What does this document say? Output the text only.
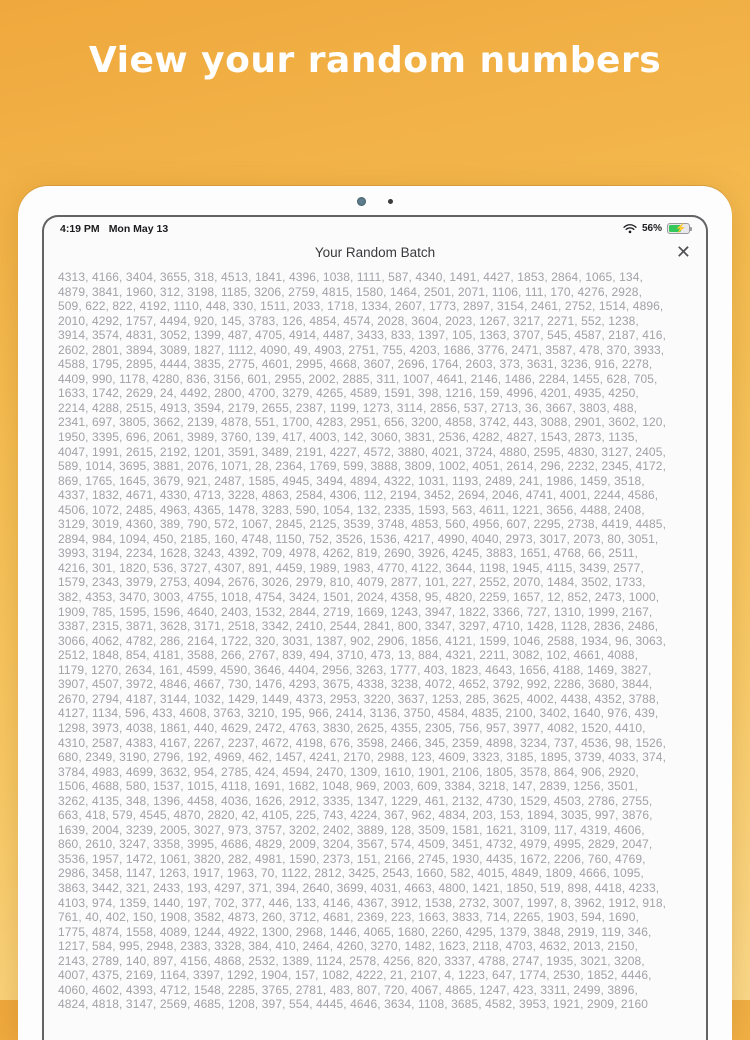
View your random numbers
4:19 PM Mon May 13	56% ⚡
Your Random Batch	✕
4313, 4166, 3404, 3655, 318, 4513, 1841, 4396, 1038, 1111, 587, 4340, 1491, 4427, 1853, 2864, 1065, 134,
4879, 3841, 1960, 312, 3198, 1185, 3206, 2759, 4815, 1580, 1464, 2501, 2071, 1106, 111, 170, 4276, 2928,
509, 622, 822, 4192, 1110, 448, 330, 1511, 2033, 1718, 1334, 2607, 1773, 2897, 3154, 2461, 2752, 1514, 4896,
2010, 4292, 1757, 4494, 920, 145, 3783, 126, 4854, 4574, 2028, 3604, 2023, 1267, 3217, 2271, 552, 1238,
3914, 3574, 4831, 3052, 1399, 487, 4705, 4914, 4487, 3433, 833, 1397, 105, 1363, 3707, 545, 4587, 2187, 416,
2602, 2801, 3894, 3089, 1827, 1112, 4090, 49, 4903, 2751, 755, 4203, 1686, 3776, 2471, 3587, 478, 370, 3933,
4588, 1795, 2895, 4444, 3835, 2775, 4601, 2995, 4668, 3607, 2696, 1764, 2603, 373, 3631, 3236, 916, 2278,
4409, 990, 1178, 4280, 836, 3156, 601, 2955, 2002, 2885, 311, 1007, 4641, 2146, 1486, 2284, 1455, 628, 705,
1633, 1742, 2629, 24, 4492, 2800, 4700, 3279, 4265, 4589, 1591, 398, 1216, 159, 4996, 4201, 4935, 4250,
2214, 4288, 2515, 4913, 3594, 2179, 2655, 2387, 1199, 1273, 3114, 2856, 537, 2713, 36, 3667, 3803, 488,
2341, 697, 3805, 3662, 2139, 4878, 551, 1700, 4283, 2951, 656, 3200, 4858, 3742, 443, 3088, 2901, 3602, 120,
1950, 3395, 696, 2061, 3989, 3760, 139, 417, 4003, 142, 3060, 3831, 2536, 4282, 4827, 1543, 2873, 1135,
4047, 1991, 2615, 2192, 1201, 3591, 3489, 2191, 4227, 4572, 3880, 4021, 3724, 4880, 2595, 4830, 3127, 2405,
589, 1014, 3695, 3881, 2076, 1071, 28, 2364, 1769, 599, 3888, 3809, 1002, 4051, 2614, 296, 2232, 2345, 4172,
869, 1765, 1645, 3679, 921, 2487, 1585, 4945, 3494, 4894, 4322, 1031, 1193, 2489, 241, 1986, 1459, 3518,
4337, 1832, 4671, 4330, 4713, 3228, 4863, 2584, 4306, 112, 2194, 3452, 2694, 2046, 4741, 4001, 2244, 4586,
4506, 1072, 2485, 4963, 4365, 1478, 3283, 590, 1054, 132, 2335, 1593, 563, 4611, 1221, 3656, 4488, 2408,
3129, 3019, 4360, 389, 790, 572, 1067, 2845, 2125, 3539, 3748, 4853, 560, 4956, 607, 2295, 2738, 4419, 4485,
2894, 984, 1094, 450, 2185, 160, 4748, 1150, 752, 3526, 1536, 4217, 4990, 4040, 2973, 3017, 2073, 80, 3051,
3993, 3194, 2234, 1628, 3243, 4392, 709, 4978, 4262, 819, 2690, 3926, 4245, 3883, 1651, 4768, 66, 2511,
4216, 301, 1820, 536, 3727, 4307, 891, 4459, 1989, 1983, 4770, 4122, 3644, 1198, 1945, 4115, 3439, 2577,
1579, 2343, 3979, 2753, 4094, 2676, 3026, 2979, 810, 4079, 2877, 101, 227, 2552, 2070, 1484, 3502, 1733,
382, 4353, 3470, 3003, 4755, 1018, 4754, 3424, 1501, 2024, 4358, 95, 4820, 2259, 1657, 12, 852, 2473, 1000,
1909, 785, 1595, 1596, 4640, 2403, 1532, 2844, 2719, 1669, 1243, 3947, 1822, 3366, 727, 1310, 1999, 2167,
3387, 2315, 3871, 3628, 3171, 2518, 3342, 2410, 2544, 2841, 800, 3347, 3297, 4710, 1428, 1128, 2836, 2486,
3066, 4062, 4782, 286, 2164, 1722, 320, 3031, 1387, 902, 2906, 1856, 4121, 1599, 1046, 2588, 1934, 96, 3063,
2512, 1848, 854, 4181, 3588, 266, 2767, 839, 494, 3710, 473, 13, 884, 4321, 2211, 3082, 102, 4661, 4088,
1179, 1270, 2634, 161, 4599, 4590, 3646, 4404, 2956, 3263, 1777, 403, 1823, 4643, 1656, 4188, 1469, 3827,
3907, 4507, 3972, 4846, 4667, 730, 1476, 4293, 3675, 4338, 3238, 4072, 4652, 3792, 992, 2286, 3680, 3844,
2670, 2794, 4187, 3144, 1032, 1429, 1449, 4373, 2953, 3220, 3637, 1253, 285, 3625, 4002, 4438, 4352, 3788,
4127, 1134, 596, 433, 4608, 3763, 3210, 195, 966, 2414, 3136, 3750, 4584, 4835, 2100, 3402, 1640, 976, 439,
1298, 3973, 4038, 1861, 440, 4629, 2472, 4763, 3830, 2625, 4355, 2305, 756, 957, 3977, 4082, 1520, 4410,
4310, 2587, 4383, 4167, 2267, 2237, 4672, 4198, 676, 3598, 2466, 345, 2359, 4898, 3234, 737, 4536, 98, 1526,
680, 2349, 3190, 2796, 192, 4969, 462, 1457, 4241, 2170, 2988, 123, 4609, 3323, 3185, 1895, 3739, 4033, 374,
3784, 4983, 4699, 3632, 954, 2785, 424, 4594, 2470, 1309, 1610, 1901, 2106, 1805, 3578, 864, 906, 2920,
1506, 4688, 580, 1537, 1015, 4118, 1691, 1682, 1048, 969, 2003, 609, 3384, 3218, 147, 2839, 1256, 3501,
3262, 4135, 348, 1396, 4458, 4036, 1626, 2912, 3335, 1347, 1229, 461, 2132, 4730, 1529, 4503, 2786, 2755,
663, 418, 579, 4545, 4870, 2820, 42, 4105, 225, 743, 4224, 367, 962, 4834, 203, 153, 1894, 3035, 997, 3876,
1639, 2004, 3239, 2005, 3027, 973, 3757, 3202, 2402, 3889, 128, 3509, 1581, 1621, 3109, 117, 4319, 4606,
860, 2610, 3247, 3358, 3995, 4686, 4829, 2009, 3204, 3567, 574, 4509, 3451, 4732, 4979, 4995, 2829, 2047,
3536, 1957, 1472, 1061, 3820, 282, 4981, 1590, 2373, 151, 2166, 2745, 1930, 4435, 1672, 2206, 760, 4769,
2986, 3458, 1147, 1263, 1917, 1963, 70, 1122, 2812, 3425, 2543, 1660, 582, 4015, 4849, 1809, 4666, 1095,
3863, 3442, 321, 2433, 193, 4297, 371, 394, 2640, 3699, 4031, 4663, 4800, 1421, 1850, 519, 898, 4418, 4233,
4103, 974, 1359, 1440, 197, 702, 377, 446, 133, 4146, 4367, 3912, 1538, 2732, 3007, 1997, 8, 3962, 1912, 918,
761, 40, 402, 150, 1908, 3582, 4873, 260, 3712, 4681, 2369, 223, 1663, 3833, 714, 2265, 1903, 594, 1690,
1775, 4874, 1558, 4089, 1244, 4922, 1300, 2968, 1446, 4065, 1680, 2260, 4295, 1379, 3848, 2919, 119, 346,
1217, 584, 995, 2948, 2383, 3328, 384, 410, 2464, 4260, 3270, 1482, 1623, 2118, 4703, 4632, 2013, 2150,
2143, 2789, 140, 897, 4156, 4868, 2532, 1389, 1124, 2578, 4256, 820, 3337, 4788, 2747, 1935, 3021, 3208,
4007, 4375, 2169, 1164, 3397, 1292, 1904, 157, 1082, 4222, 21, 2107, 4, 1223, 647, 1774, 2530, 1852, 4446,
4060, 4602, 4393, 4712, 1548, 2285, 3765, 2781, 483, 807, 720, 4067, 4865, 1247, 423, 3311, 2499, 3896,
4824, 4818, 3147, 2569, 4685, 1208, 397, 554, 4445, 4646, 3634, 1108, 3685, 4582, 3953, 1921, 2909, 2160
